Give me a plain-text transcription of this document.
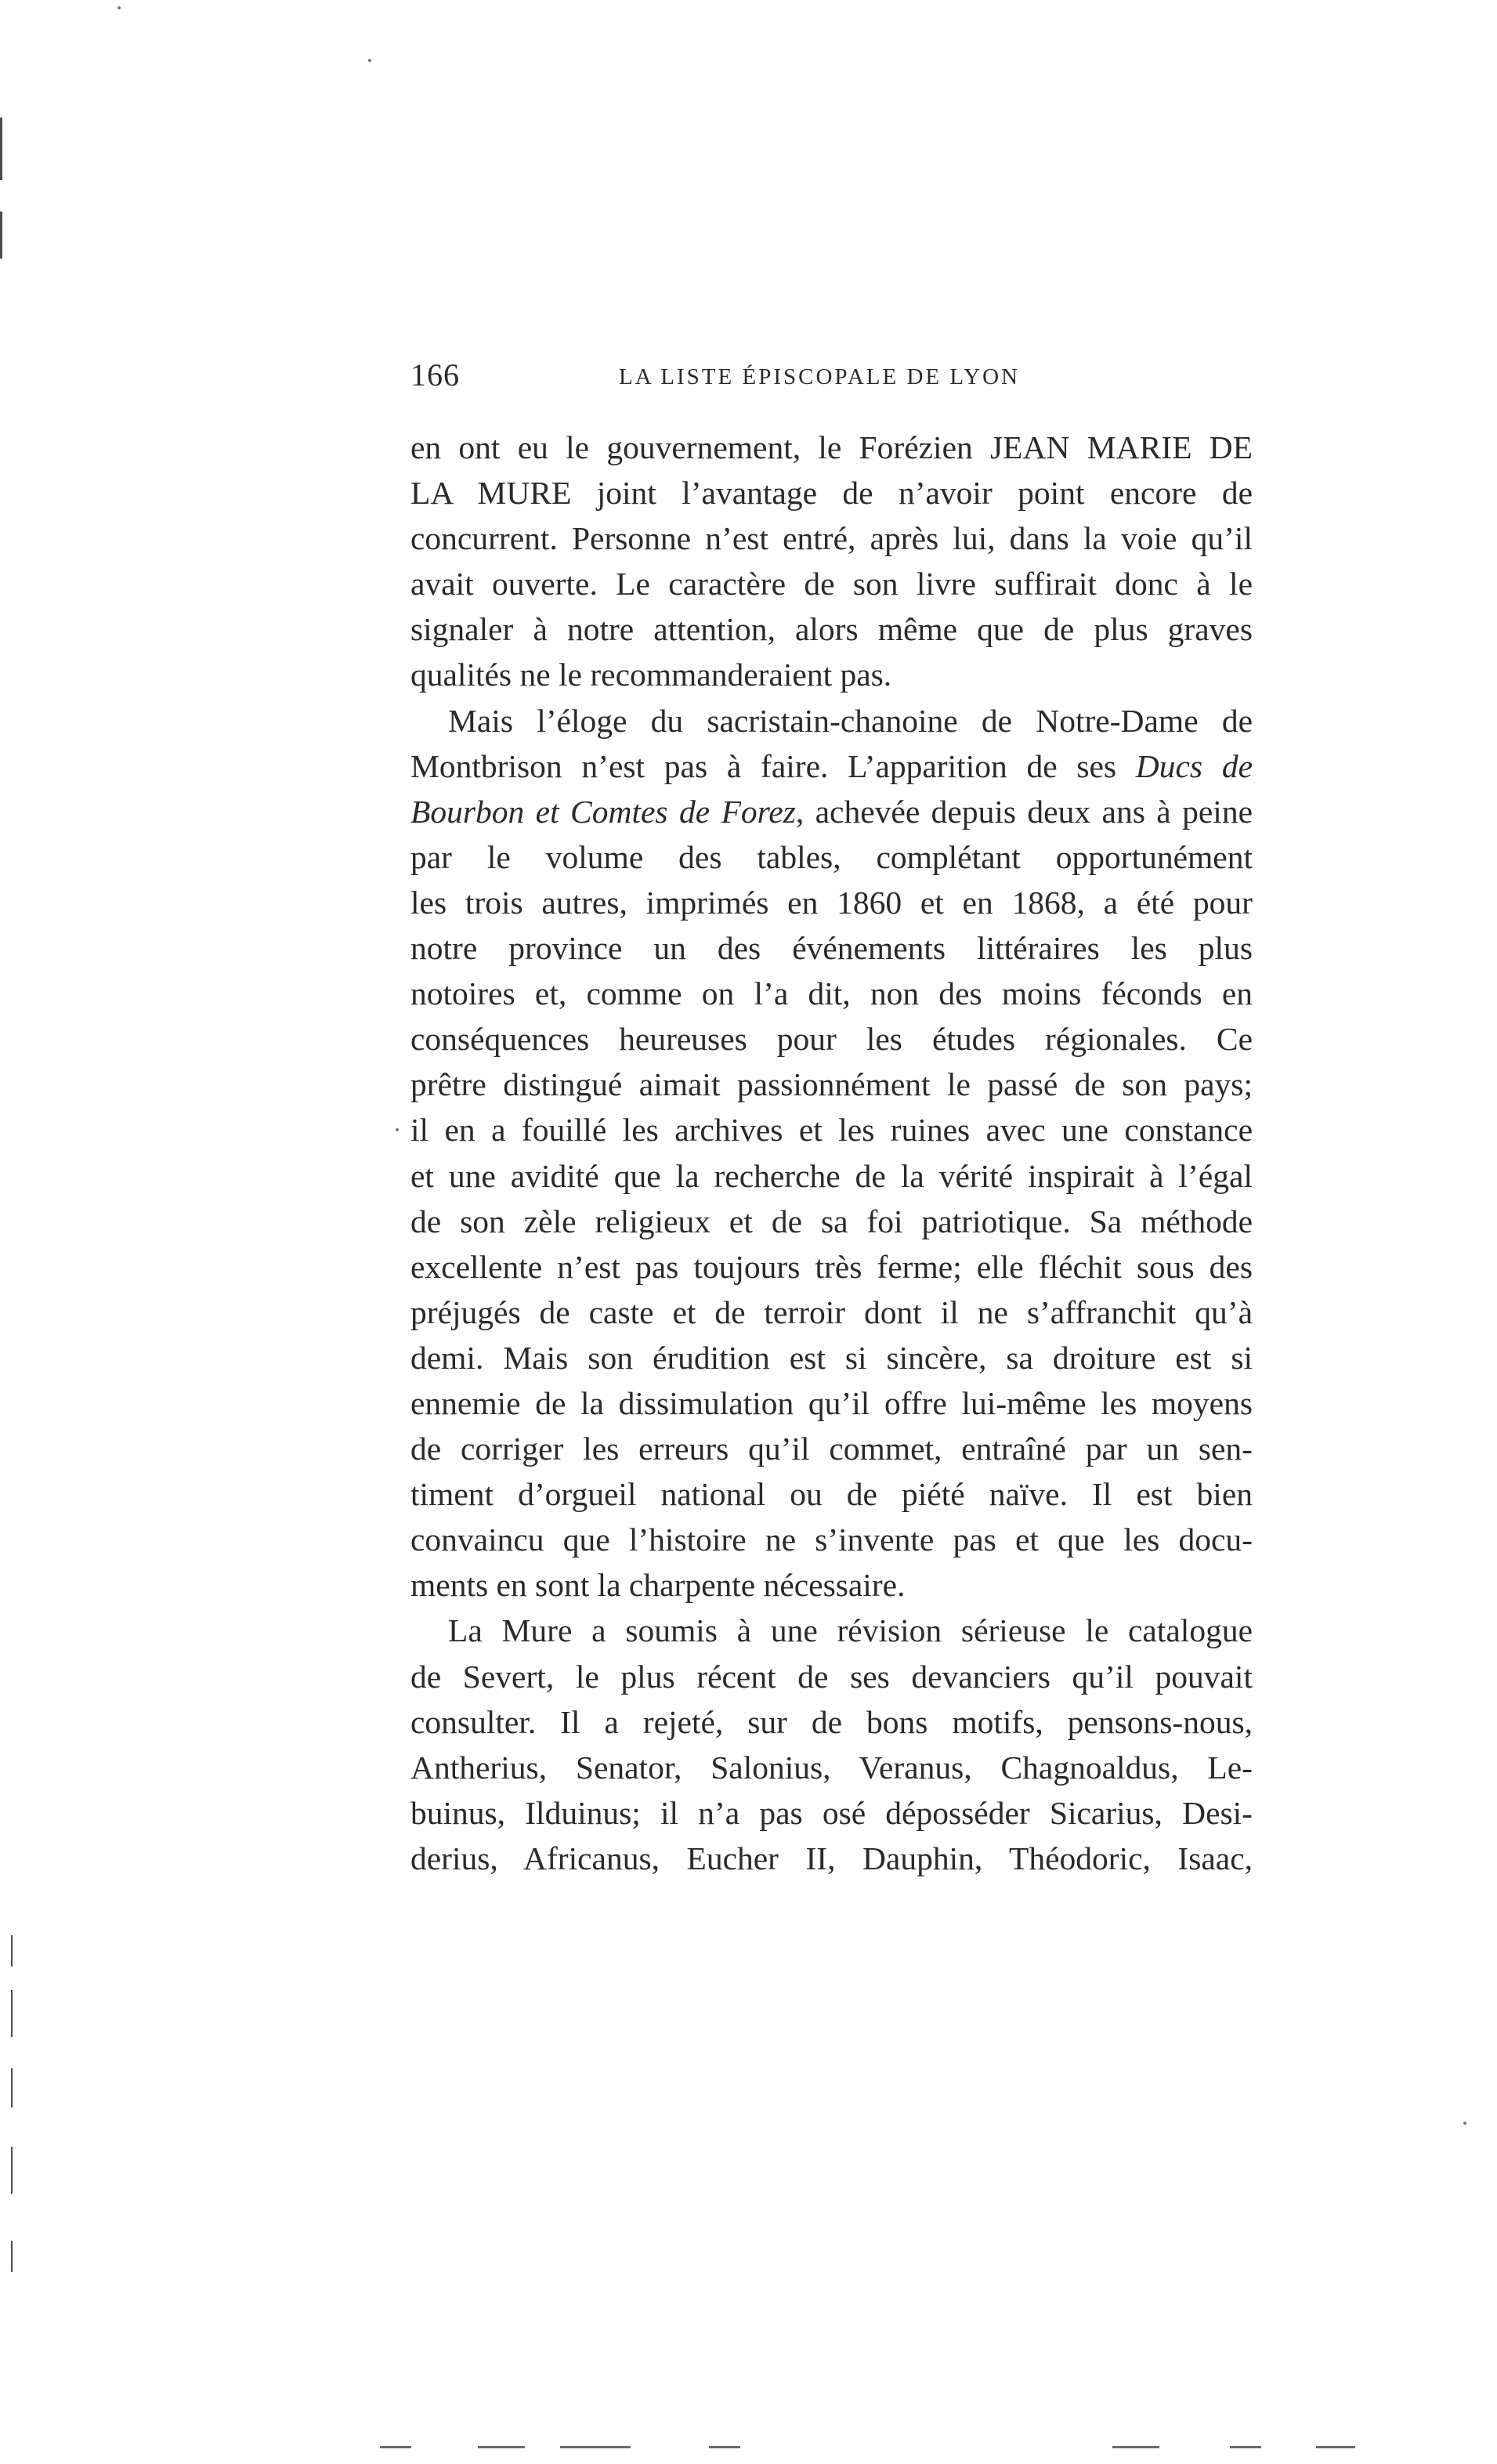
166	LA LISTE ÉPISCOPALE DE LYON
en ont eu le gouvernement, le Forézien JEAN MARIE DE
LA MURE joint l’avantage de n’avoir point encore de
concurrent. Personne n’est entré, après lui, dans la voie qu’il
avait ouverte. Le caractère de son livre suffirait donc à le
signaler à notre attention, alors même que de plus graves
qualités ne le recommanderaient pas.
Mais l’éloge du sacristain-chanoine de Notre-Dame de
Montbrison n’est pas à faire. L’apparition de ses Ducs de
Bourbon et Comtes de Forez, achevée depuis deux ans à peine
par le volume des tables, complétant opportunément
les trois autres, imprimés en 1860 et en 1868, a été pour
notre province un des événements littéraires les plus
notoires et, comme on l’a dit, non des moins féconds en
conséquences heureuses pour les études régionales. Ce
prêtre distingué aimait passionnément le passé de son pays;
il en a fouillé les archives et les ruines avec une constance
et une avidité que la recherche de la vérité inspirait à l’égal
de son zèle religieux et de sa foi patriotique. Sa méthode
excellente n’est pas toujours très ferme; elle fléchit sous des
préjugés de caste et de terroir dont il ne s’affranchit qu’à
demi. Mais son érudition est si sincère, sa droiture est si
ennemie de la dissimulation qu’il offre lui-même les moyens
de corriger les erreurs qu’il commet, entraîné par un sen-
timent d’orgueil national ou de piété naïve. Il est bien
convaincu que l’histoire ne s’invente pas et que les docu-
ments en sont la charpente nécessaire.
La Mure a soumis à une révision sérieuse le catalogue
de Severt, le plus récent de ses devanciers qu’il pouvait
consulter. Il a rejeté, sur de bons motifs, pensons-nous,
Antherius, Senator, Salonius, Veranus, Chagnoaldus, Le-
buinus, Ilduinus; il n’a pas osé déposséder Sicarius, Desi-
derius, Africanus, Eucher II, Dauphin, Théodoric, Isaac,
